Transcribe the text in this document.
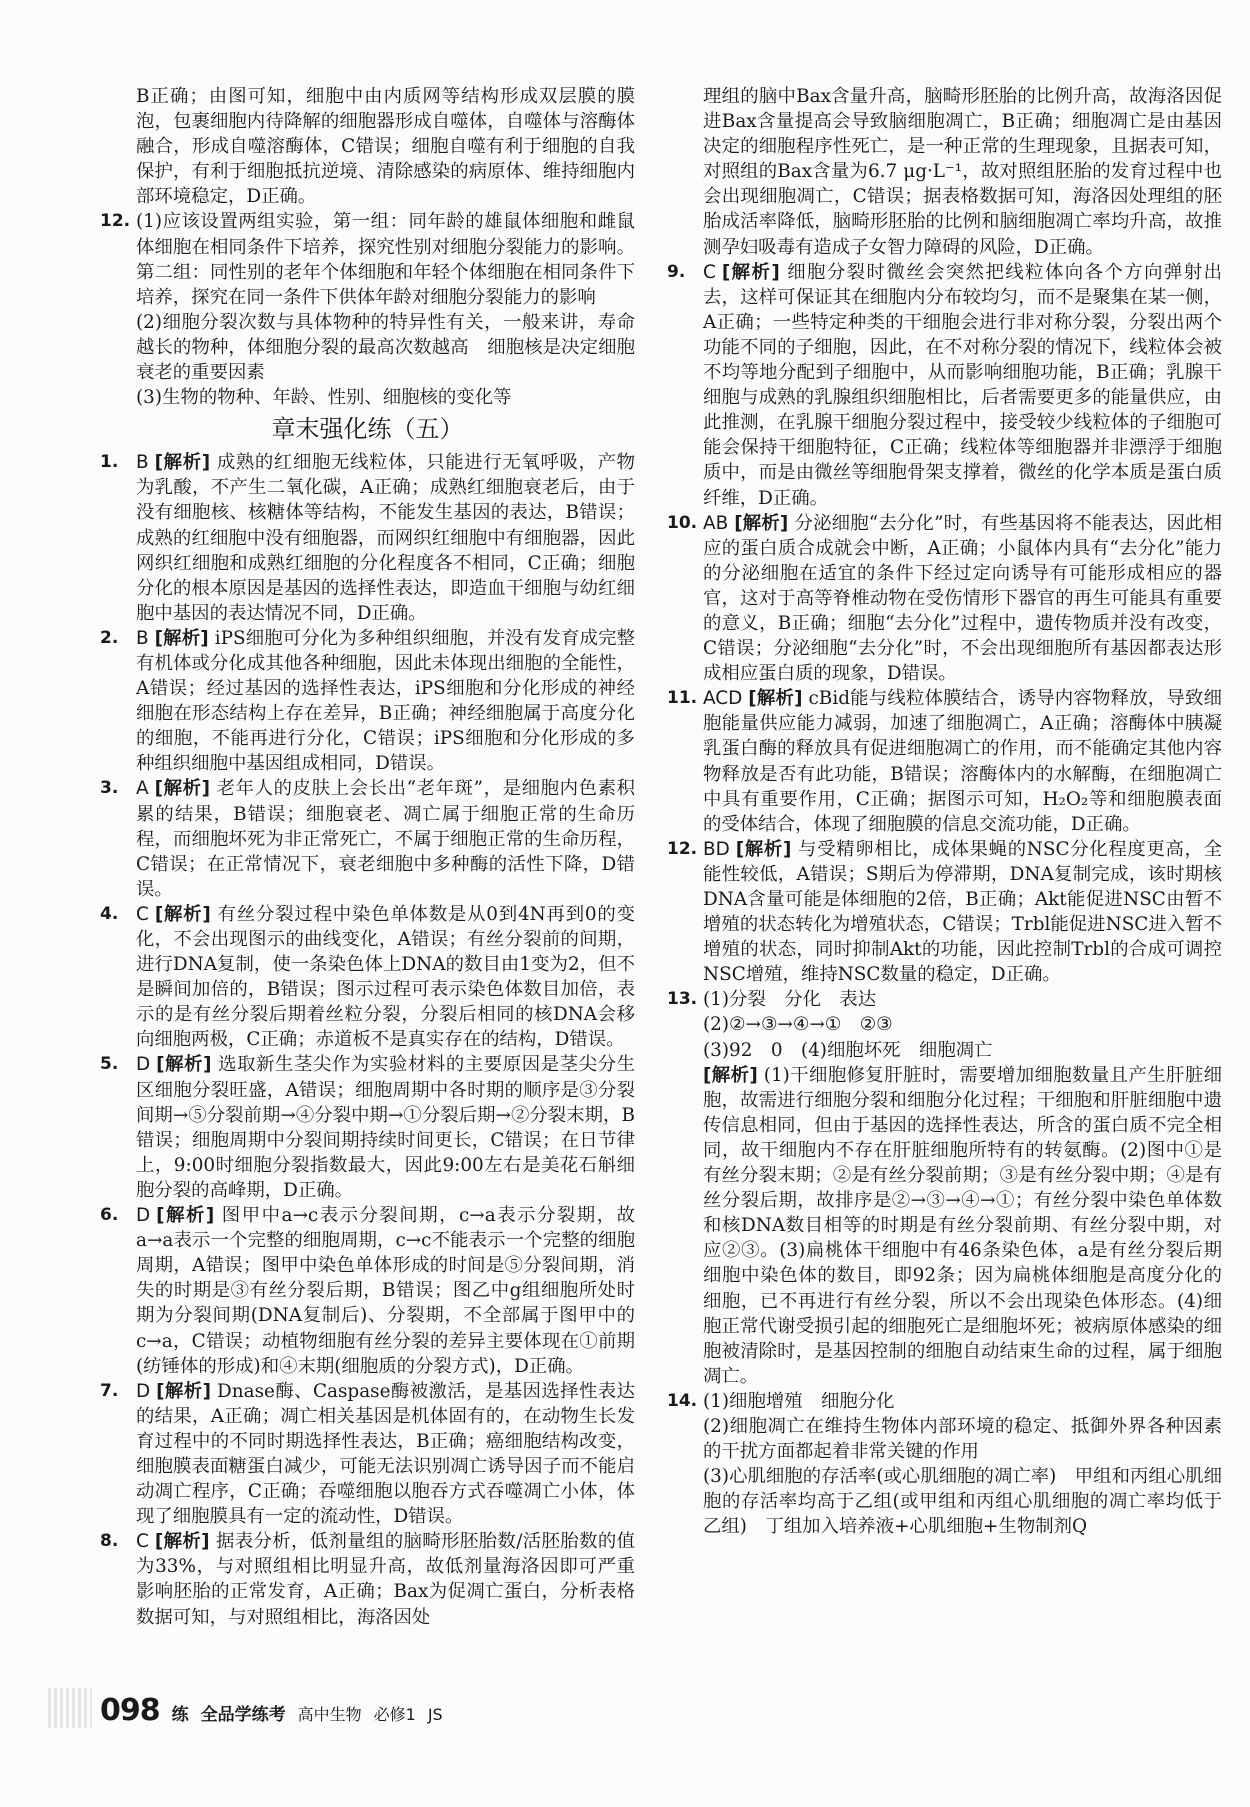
B正确；由图可知，细胞中由内质网等结构形成双层膜的膜泡，包裹细胞内待降解的细胞器形成自噬体，自噬体与溶酶体融合，形成自噬溶酶体，C错误；细胞自噬有利于细胞的自我保护，有利于细胞抵抗逆境、清除感染的病原体、维持细胞内部环境稳定，D正确。

12. (1)应该设置两组实验，第一组：同年龄的雄鼠体细胞和雌鼠体细胞在相同条件下培养，探究性别对细胞分裂能力的影响。第二组：同性别的老年个体细胞和年轻个体细胞在相同条件下培养，探究在同一条件下供体年龄对细胞分裂能力的影响

(2)细胞分裂次数与具体物种的特异性有关，一般来讲，寿命越长的物种，体细胞分裂的最高次数越高　细胞核是决定细胞衰老的重要因素

(3)生物的物种、年龄、性别、细胞核的变化等

章末强化练（五）
1. B [解析] 成熟的红细胞无线粒体，只能进行无氧呼吸，产物为乳酸，不产生二氧化碳，A正确；成熟红细胞衰老后，由于没有细胞核、核糖体等结构，不能发生基因的表达，B错误；成熟的红细胞中没有细胞器，而网织红细胞中有细胞器，因此网织红细胞和成熟红细胞的分化程度各不相同，C正确；细胞分化的根本原因是基因的选择性表达，即造血干细胞与幼红细胞中基因的表达情况不同，D正确。

2. B [解析] iPS细胞可分化为多种组织细胞，并没有发育成完整有机体或分化成其他各种细胞，因此未体现出细胞的全能性，A错误；经过基因的选择性表达，iPS细胞和分化形成的神经细胞在形态结构上存在差异，B正确；神经细胞属于高度分化的细胞，不能再进行分化，C错误；iPS细胞和分化形成的多种组织细胞中基因组成相同，D错误。

3. A [解析] 老年人的皮肤上会长出“老年斑”，是细胞内色素积累的结果，B错误；细胞衰老、凋亡属于细胞正常的生命历程，而细胞坏死为非正常死亡，不属于细胞正常的生命历程，C错误；在正常情况下，衰老细胞中多种酶的活性下降，D错误。

4. C [解析] 有丝分裂过程中染色单体数是从0到4N再到0的变化，不会出现图示的曲线变化，A错误；有丝分裂前的间期，进行DNA复制，使一条染色体上DNA的数目由1变为2，但不是瞬间加倍的，B错误；图示过程可表示染色体数目加倍，表示的是有丝分裂后期着丝粒分裂，分裂后相同的核DNA会移向细胞两极，C正确；赤道板不是真实存在的结构，D错误。

5. D [解析] 选取新生茎尖作为实验材料的主要原因是茎尖分生区细胞分裂旺盛，A错误；细胞周期中各时期的顺序是③分裂间期→⑤分裂前期→④分裂中期→①分裂后期→②分裂末期，B错误；细胞周期中分裂间期持续时间更长，C错误；在日节律上，9:00时细胞分裂指数最大，因此9:00左右是美花石斛细胞分裂的高峰期，D正确。

6. D [解析] 图甲中a→c表示分裂间期，c→a表示分裂期，故a→a表示一个完整的细胞周期，c→c不能表示一个完整的细胞周期，A错误；图甲中染色单体形成的时间是⑤分裂间期，消失的时期是③有丝分裂后期，B错误；图乙中g组细胞所处时期为分裂间期(DNA复制后)、分裂期，不全部属于图甲中的c→a，C错误；动植物细胞有丝分裂的差异主要体现在①前期(纺锤体的形成)和④末期(细胞质的分裂方式)，D正确。

7. D [解析] Dnase酶、Caspase酶被激活，是基因选择性表达的结果，A正确；凋亡相关基因是机体固有的，在动物生长发育过程中的不同时期选择性表达，B正确；癌细胞结构改变，细胞膜表面糖蛋白减少，可能无法识别凋亡诱导因子而不能启动凋亡程序，C正确；吞噬细胞以胞吞方式吞噬凋亡小体，体现了细胞膜具有一定的流动性，D错误。

8. C [解析] 据表分析，低剂量组的脑畸形胚胎数/活胚胎数的值为33%，与对照组相比明显升高，故低剂量海洛因即可严重影响胚胎的正常发育，A正确；Bax为促凋亡蛋白，分析表格数据可知，与对照组相比，海洛因处

理组的脑中Bax含量升高，脑畸形胚胎的比例升高，故海洛因促进Bax含量提高会导致脑细胞凋亡，B正确；细胞凋亡是由基因决定的细胞程序性死亡，是一种正常的生理现象，且据表可知，对照组的Bax含量为6.7 μg·L⁻¹，故对照组胚胎的发育过程中也会出现细胞凋亡，C错误；据表格数据可知，海洛因处理组的胚胎成活率降低，脑畸形胚胎的比例和脑细胞凋亡率均升高，故推测孕妇吸毒有造成子女智力障碍的风险，D正确。

9. C [解析] 细胞分裂时微丝会突然把线粒体向各个方向弹射出去，这样可保证其在细胞内分布较均匀，而不是聚集在某一侧，A正确；一些特定种类的干细胞会进行非对称分裂，分裂出两个功能不同的子细胞，因此，在不对称分裂的情况下，线粒体会被不均等地分配到子细胞中，从而影响细胞功能，B正确；乳腺干细胞与成熟的乳腺组织细胞相比，后者需要更多的能量供应，由此推测，在乳腺干细胞分裂过程中，接受较少线粒体的子细胞可能会保持干细胞特征，C正确；线粒体等细胞器并非漂浮于细胞质中，而是由微丝等细胞骨架支撑着，微丝的化学本质是蛋白质纤维，D正确。

10. AB [解析] 分泌细胞“去分化”时，有些基因将不能表达，因此相应的蛋白质合成就会中断，A正确；小鼠体内具有“去分化”能力的分泌细胞在适宜的条件下经过定向诱导有可能形成相应的器官，这对于高等脊椎动物在受伤情形下器官的再生可能具有重要的意义，B正确；细胞“去分化”过程中，遗传物质并没有改变，C错误；分泌细胞“去分化”时，不会出现细胞所有基因都表达形成相应蛋白质的现象，D错误。

11. ACD [解析] cBid能与线粒体膜结合，诱导内容物释放，导致细胞能量供应能力减弱，加速了细胞凋亡，A正确；溶酶体中胰凝乳蛋白酶的释放具有促进细胞凋亡的作用，而不能确定其他内容物释放是否有此功能，B错误；溶酶体内的水解酶，在细胞凋亡中具有重要作用，C正确；据图示可知，H₂O₂等和细胞膜表面的受体结合，体现了细胞膜的信息交流功能，D正确。

12. BD [解析] 与受精卵相比，成体果蝇的NSC分化程度更高，全能性较低，A错误；S期后为停滞期，DNA复制完成，该时期核DNA含量可能是体细胞的2倍，B正确；Akt能促进NSC由暂不增殖的状态转化为增殖状态，C错误；Trbl能促进NSC进入暂不增殖的状态，同时抑制Akt的功能，因此控制Trbl的合成可调控NSC增殖，维持NSC数量的稳定，D正确。

13. (1)分裂　分化　表达

(2)②→③→④→①　②③

(3)92　0　(4)细胞坏死　细胞凋亡

[解析] (1)干细胞修复肝脏时，需要增加细胞数量且产生肝脏细胞，故需进行细胞分裂和细胞分化过程；干细胞和肝脏细胞中遗传信息相同，但由于基因的选择性表达，所含的蛋白质不完全相同，故干细胞内不存在肝脏细胞所特有的转氨酶。(2)图中①是有丝分裂末期；②是有丝分裂前期；③是有丝分裂中期；④是有丝分裂后期，故排序是②→③→④→①；有丝分裂中染色单体数和核DNA数目相等的时期是有丝分裂前期、有丝分裂中期，对应②③。(3)扁桃体干细胞中有46条染色体，a是有丝分裂后期细胞中染色体的数目，即92条；因为扁桃体细胞是高度分化的细胞，已不再进行有丝分裂，所以不会出现染色体形态。(4)细胞正常代谢受损引起的细胞死亡是细胞坏死；被病原体感染的细胞被清除时，是基因控制的细胞自动结束生命的过程，属于细胞凋亡。

14. (1)细胞增殖　细胞分化

(2)细胞凋亡在维持生物体内部环境的稳定、抵御外界各种因素的干扰方面都起着非常关键的作用

(3)心肌细胞的存活率(或心肌细胞的凋亡率)　甲组和丙组心肌细胞的存活率均高于乙组(或甲组和丙组心肌细胞的凋亡率均低于乙组)　丁组加入培养液+心肌细胞+生物制剂Q

098 练 全品学练考 高中生物 必修1 JS
